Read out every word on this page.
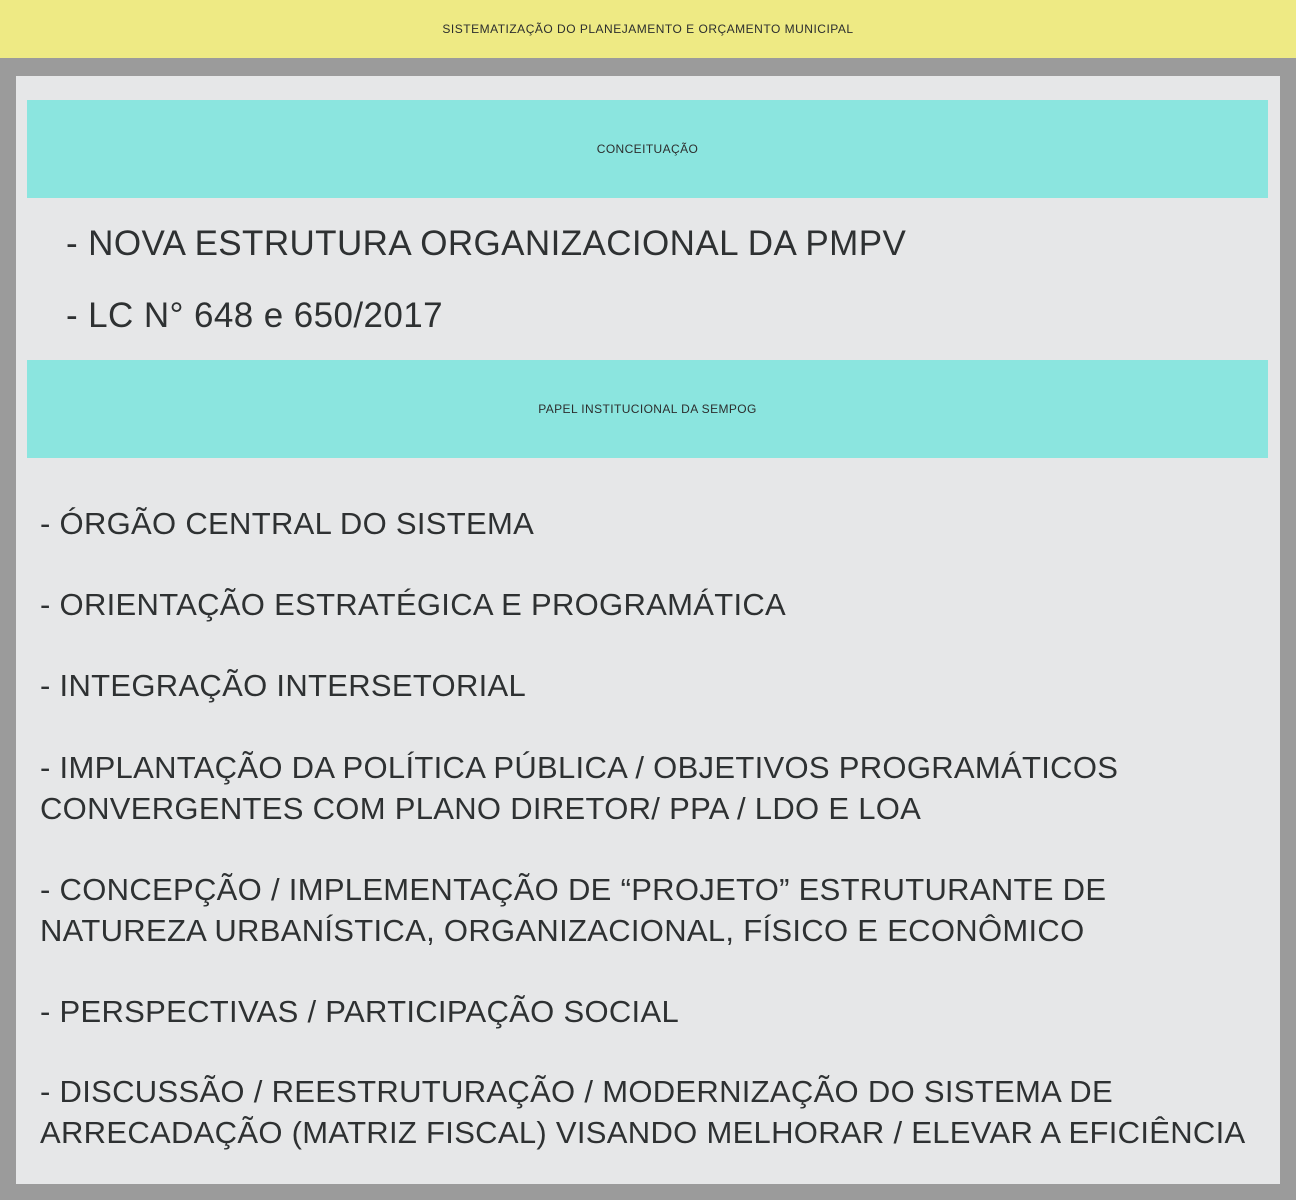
SISTEMATIZAÇÃO DO PLANEJAMENTO E ORÇAMENTO MUNICIPAL
CONCEITUAÇÃO
- NOVA ESTRUTURA ORGANIZACIONAL DA PMPV
- LC N° 648 e 650/2017
PAPEL INSTITUCIONAL DA SEMPOG
- ÓRGÃO CENTRAL DO SISTEMA
- ORIENTAÇÃO ESTRATÉGICA E PROGRAMÁTICA
- INTEGRAÇÃO INTERSETORIAL
- IMPLANTAÇÃO DA POLÍTICA PÚBLICA / OBJETIVOS PROGRAMÁTICOS
CONVERGENTES COM PLANO DIRETOR/ PPA / LDO E LOA
- CONCEPÇÃO / IMPLEMENTAÇÃO DE “PROJETO” ESTRUTURANTE DE
NATUREZA URBANÍSTICA, ORGANIZACIONAL, FÍSICO E ECONÔMICO
- PERSPECTIVAS / PARTICIPAÇÃO SOCIAL
- DISCUSSÃO / REESTRUTURAÇÃO / MODERNIZAÇÃO DO SISTEMA DE
ARRECADAÇÃO (MATRIZ FISCAL) VISANDO MELHORAR / ELEVAR A EFICIÊNCIA
